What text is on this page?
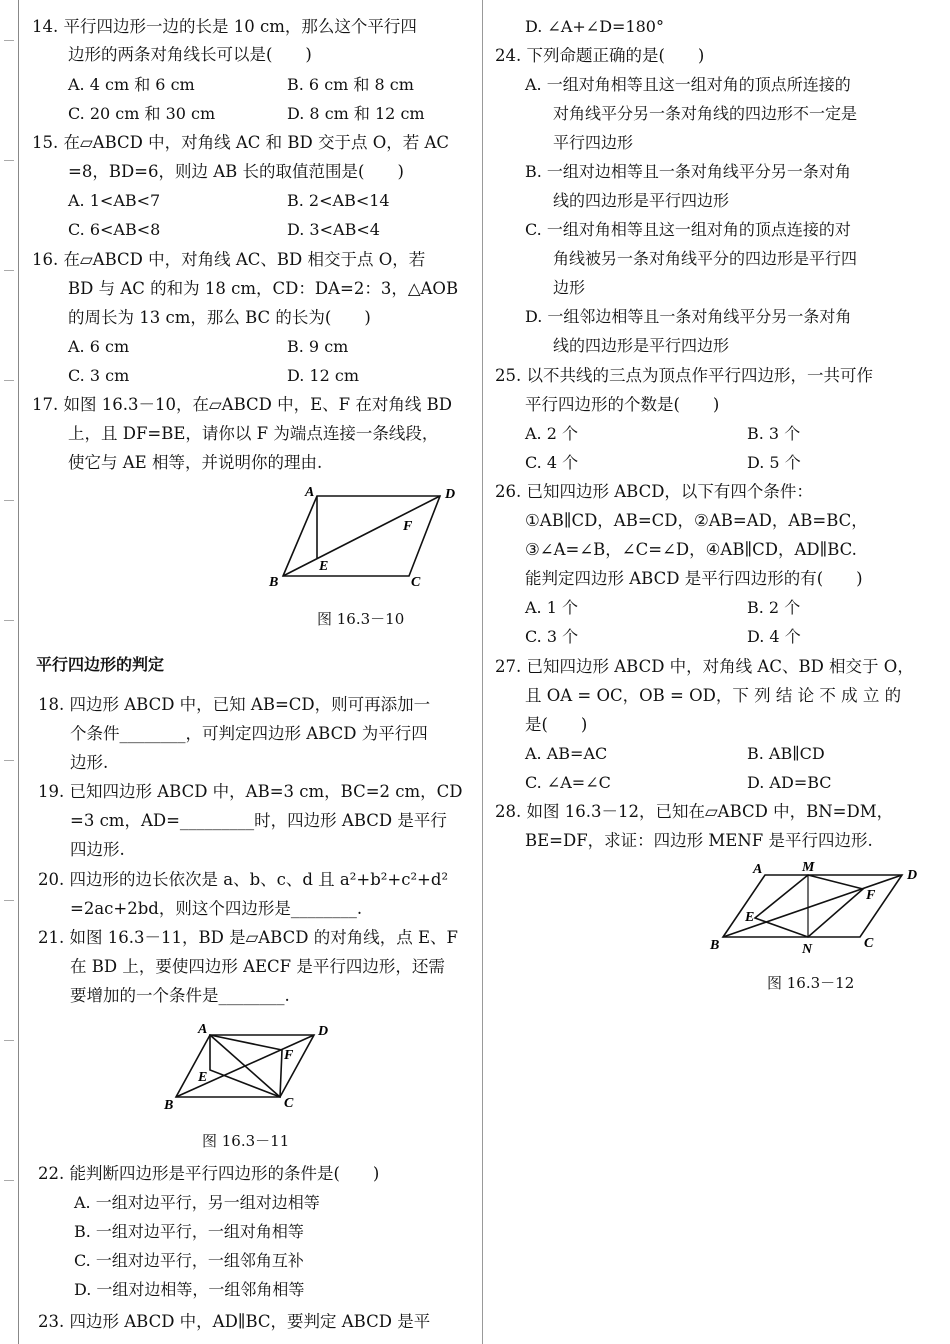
14. 平行四边形一边的长是 10 cm，那么这个平行四
边形的两条对角线长可以是(　　)
A. 4 cm 和 6 cm	B. 6 cm 和 8 cm
C. 20 cm 和 30 cm	D. 8 cm 和 12 cm
15. 在▱ABCD 中，对角线 AC 和 BD 交于点 O，若 AC
=8，BD=6，则边 AB 长的取值范围是(　　)
A. 1<AB<7	B. 2<AB<14
C. 6<AB<8	D. 3<AB<4
16. 在▱ABCD 中，对角线 AC、BD 相交于点 O，若
BD 与 AC 的和为 18 cm，CD：DA=2：3，△AOB
的周长为 13 cm，那么 BC 的长为(　　)
A. 6 cm	B. 9 cm
C. 3 cm	D. 12 cm
17. 如图 16.3－10，在▱ABCD 中，E、F 在对角线 BD
上，且 DF=BE，请你以 F 为端点连接一条线段，
使它与 AE 相等，并说明你的理由.
A	D
B	C
E
F
图 16.3－10
平行四边形的判定
18. 四边形 ABCD 中，已知 AB=CD，则可再添加一
个条件________，可判定四边形 ABCD 为平行四
边形.
19. 已知四边形 ABCD 中，AB=3 cm，BC=2 cm，CD
=3 cm，AD=_________时，四边形 ABCD 是平行
四边形.
20. 四边形的边长依次是 a、b、c、d 且 a²+b²+c²+d²
=2ac+2bd，则这个四边形是________.
21. 如图 16.3－11，BD 是▱ABCD 的对角线，点 E、F
在 BD 上，要使四边形 AECF 是平行四边形，还需
要增加的一个条件是________.
A	D
B	C
E
F
图 16.3－11
22. 能判断四边形是平行四边形的条件是(　　)
A. 一组对边平行，另一组对边相等
B. 一组对边平行，一组对角相等
C. 一组对边平行，一组邻角互补
D. 一组对边相等，一组邻角相等
23. 四边形 ABCD 中，AD∥BC，要判定 ABCD 是平
D. ∠A+∠D=180°
24. 下列命题正确的是(　　)
A. 一组对角相等且这一组对角的顶点所连接的
对角线平分另一条对角线的四边形不一定是
平行四边形
B. 一组对边相等且一条对角线平分另一条对角
线的四边形是平行四边形
C. 一组对角相等且这一组对角的顶点连接的对
角线被另一条对角线平分的四边形是平行四
边形
D. 一组邻边相等且一条对角线平分另一条对角
线的四边形是平行四边形
25. 以不共线的三点为顶点作平行四边形，一共可作
平行四边形的个数是(　　)
A. 2 个	B. 3 个
C. 4 个	D. 5 个
26. 已知四边形 ABCD，以下有四个条件：
①AB∥CD，AB=CD，②AB=AD，AB=BC，
③∠A=∠B，∠C=∠D，④AB∥CD，AD∥BC.
能判定四边形 ABCD 是平行四边形的有(　　)
A. 1 个	B. 2 个
C. 3 个	D. 4 个
27. 已知四边形 ABCD 中，对角线 AC、BD 相交于 O，
且 OA = OC，OB = OD，下 列 结 论 不 成 立 的
是(　　)
A. AB=AC	B. AB∥CD
C. ∠A=∠C	D. AD=BC
28. 如图 16.3－12，已知在▱ABCD 中，BN=DM，
BE=DF，求证：四边形 MENF 是平行四边形.
A	M
D
F
E
B	N	C
图 16.3－12
